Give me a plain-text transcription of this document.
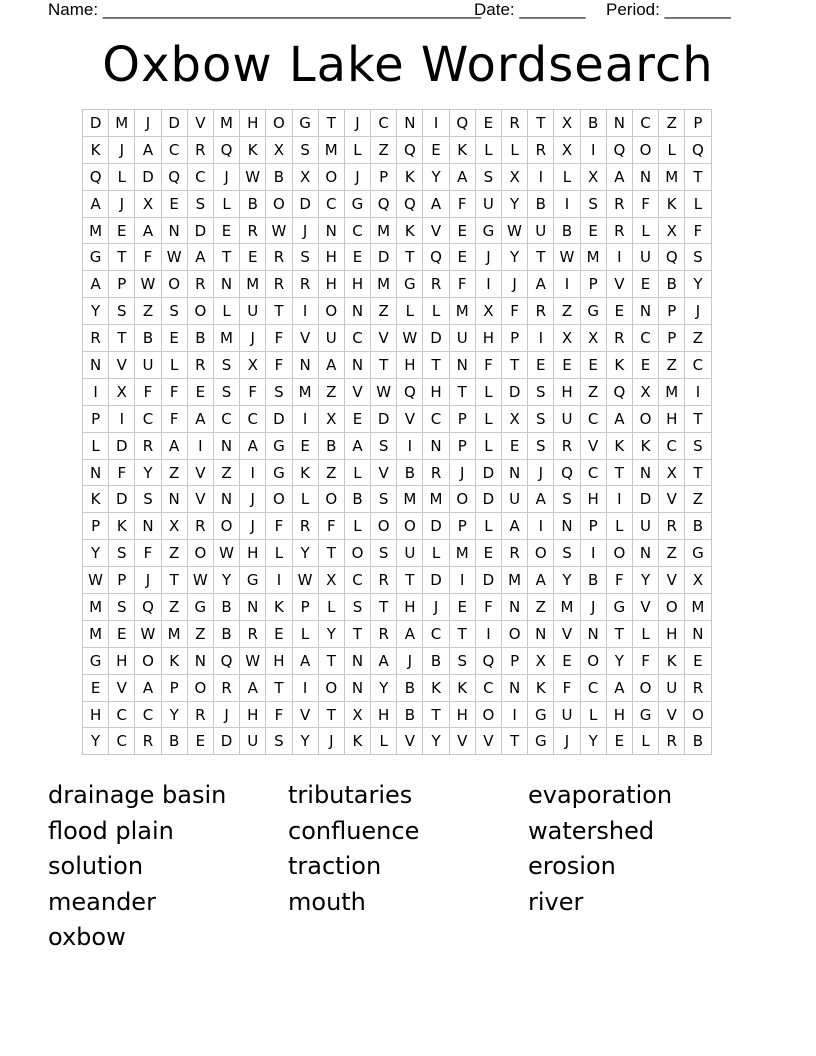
Name: ________________________________________
Date: _______ Period: _______
Oxbow Lake Wordsearch
D	M	J	D	V	M	H	O	G	T	J	C	N	I	Q	E	R	T	X	B	N	C	Z	P
K	J	A	C	R	Q	K	X	S	M	L	Z	Q	E	K	L	L	R	X	I	Q	O	L	Q
Q	L	D	Q	C	J	W	B	X	O	J	P	K	Y	A	S	X	I	L	X	A	N	M	T
A	J	X	E	S	L	B	O	D	C	G	Q	Q	A	F	U	Y	B	I	S	R	F	K	L
M	E	A	N	D	E	R	W	J	N	C	M	K	V	E	G	W	U	B	E	R	L	X	F
G	T	F	W	A	T	E	R	S	H	E	D	T	Q	E	J	Y	T	W	M	I	U	Q	S
A	P	W	O	R	N	M	R	R	H	H	M	G	R	F	I	J	A	I	P	V	E	B	Y
Y	S	Z	S	O	L	U	T	I	O	N	Z	L	L	M	X	F	R	Z	G	E	N	P	J
R	T	B	E	B	M	J	F	V	U	C	V	W	D	U	H	P	I	X	X	R	C	P	Z
N	V	U	L	R	S	X	F	N	A	N	T	H	T	N	F	T	E	E	E	K	E	Z	C
I	X	F	F	E	S	F	S	M	Z	V	W	Q	H	T	L	D	S	H	Z	Q	X	M	I
P	I	C	F	A	C	C	D	I	X	E	D	V	C	P	L	X	S	U	C	A	O	H	T
L	D	R	A	I	N	A	G	E	B	A	S	I	N	P	L	E	S	R	V	K	K	C	S
N	F	Y	Z	V	Z	I	G	K	Z	L	V	B	R	J	D	N	J	Q	C	T	N	X	T
K	D	S	N	V	N	J	O	L	O	B	S	M	M	O	D	U	A	S	H	I	D	V	Z
P	K	N	X	R	O	J	F	R	F	L	O	O	D	P	L	A	I	N	P	L	U	R	B
Y	S	F	Z	O	W	H	L	Y	T	O	S	U	L	M	E	R	O	S	I	O	N	Z	G
W	P	J	T	W	Y	G	I	W	X	C	R	T	D	I	D	M	A	Y	B	F	Y	V	X
M	S	Q	Z	G	B	N	K	P	L	S	T	H	J	E	F	N	Z	M	J	G	V	O	M
M	E	W	M	Z	B	R	E	L	Y	T	R	A	C	T	I	O	N	V	N	T	L	H	N
G	H	O	K	N	Q	W	H	A	T	N	A	J	B	S	Q	P	X	E	O	Y	F	K	E
E	V	A	P	O	R	A	T	I	O	N	Y	B	K	K	C	N	K	F	C	A	O	U	R
H	C	C	Y	R	J	H	F	V	T	X	H	B	T	H	O	I	G	U	L	H	G	V	O
Y	C	R	B	E	D	U	S	Y	J	K	L	V	Y	V	V	T	G	J	Y	E	L	R	B
drainage basin	tributaries	evaporation
flood plain	confluence	watershed
solution	traction	erosion
meander	mouth	river
oxbow
